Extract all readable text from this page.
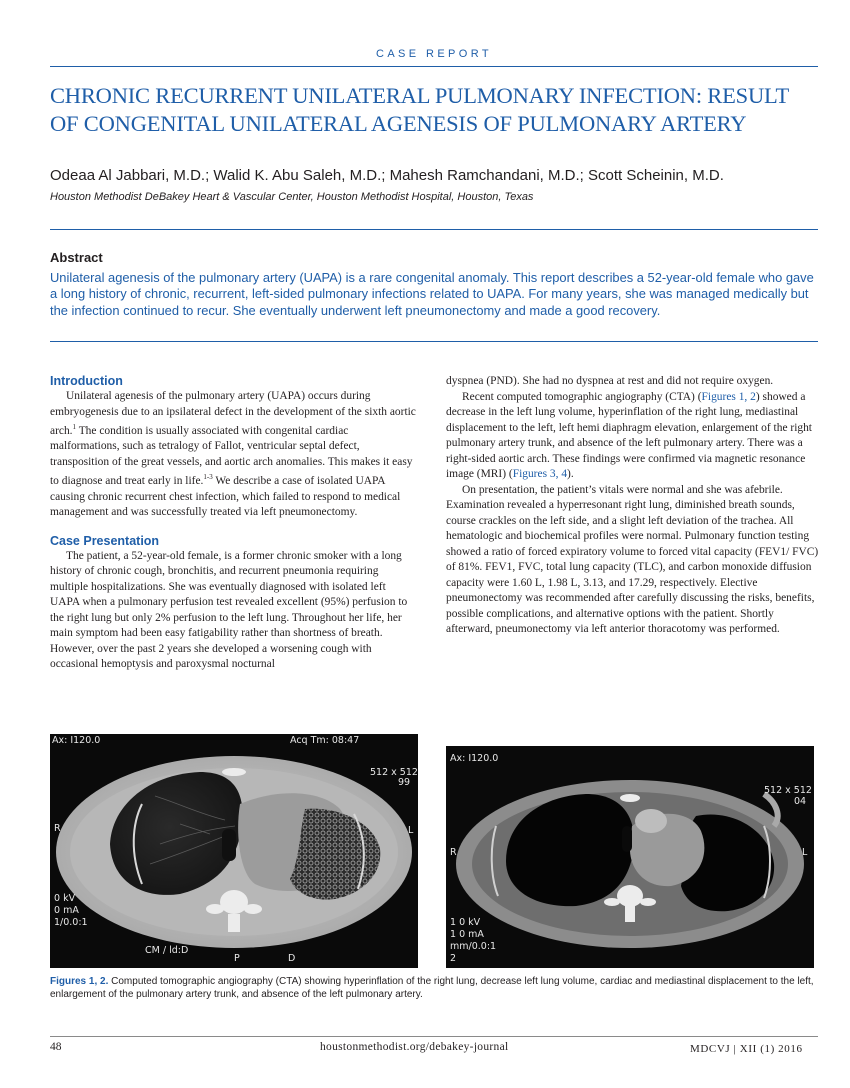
CASE REPORT
CHRONIC RECURRENT UNILATERAL PULMONARY INFECTION: RESULT OF CONGENITAL UNILATERAL AGENESIS OF PULMONARY ARTERY
Odeaa Al Jabbari, M.D.; Walid K. Abu Saleh, M.D.; Mahesh Ramchandani, M.D.; Scott Scheinin, M.D.
Houston Methodist DeBakey Heart & Vascular Center, Houston Methodist Hospital, Houston, Texas
Abstract
Unilateral agenesis of the pulmonary artery (UAPA) is a rare congenital anomaly. This report describes a 52-year-old female who gave a long history of chronic, recurrent, left-sided pulmonary infections related to UAPA. For many years, she was managed medically but the infection continued to recur. She eventually underwent left pneumonectomy and made a good recovery.
Introduction

Unilateral agenesis of the pulmonary artery (UAPA) occurs during embryogenesis due to an ipsilateral defect in the development of the sixth aortic arch.$^1$ The condition is usually associated with congenital cardiac malformations, such as tetralogy of Fallot, ventricular septal defect, transposition of the great vessels, and aortic arch anomalies. This makes it easy to diagnose and treat early in life.$^{1-3}$ We describe a case of isolated UAPA causing chronic recurrent chest infection, which failed to respond to medical management and was successfully treated via left pneumonectomy.

Case Presentation

The patient, a 52-year-old female, is a former chronic smoker with a long history of chronic cough, bronchitis, and recurrent pneumonia requiring multiple hospitalizations. She was eventually diagnosed with isolated left UAPA when a pulmonary perfusion test revealed excellent (95%) perfusion to the right lung but only 2% perfusion to the left lung. Throughout her life, her main symptom had been easy fatigability rather than shortness of breath. However, over the past 2 years she developed a worsening cough with occasional hemoptysis and paroxysmal nocturnal

dyspnea (PND). She had no dyspnea at rest and did not require oxygen.

Recent computed tomographic angiography (CTA) (Figures 1, 2) showed a decrease in the left lung volume, hyperinflation of the right lung, mediastinal displacement to the left, left hemi diaphragm elevation, enlargement of the right pulmonary artery trunk, and absence of the left pulmonary artery. There was a right-sided aortic arch. These findings were confirmed via magnetic resonance image (MRI) (Figures 3, 4).

On presentation, the patient’s vitals were normal and she was afebrile. Examination revealed a hyperresonant right lung, diminished breath sounds, course crackles on the left side, and a slight left deviation of the trachea. All hematologic and biochemical profiles were normal. Pulmonary function testing showed a ratio of forced expiratory volume to forced vital capacity (FEV1/ FVC) of 81%. FEV1, FVC, total lung capacity (TLC), and carbon monoxide diffusion capacity were 1.60 L, 1.98 L, 3.13, and 17.29, respectively. Elective pneumonectomy was recommended after carefully discussing the risks, benefits, possible complications, and alternative options with the patient. Shortly afterward, pneumonectomy via left anterior thoracotomy was performed.

Ax: I120.0	Acq Tm: 08:47
512 x 512
99
R	L
0 kV
0 mA
1/0.0:1
CM / ld:D
P	D
Ax: I120.0
512 x 512
04
R	L
1 0 kV
1 0 mA
mm/0.0:1
2
Figures 1, 2. Computed tomographic angiography (CTA) showing hyperinflation of the right lung, decrease left lung volume, cardiac and mediastinal displacement to the left, enlargement of the pulmonary artery trunk, and absence of the left pulmonary artery.
48	houstonmethodist.org/debakey-journal	MDCVJ | XII (1) 2016
